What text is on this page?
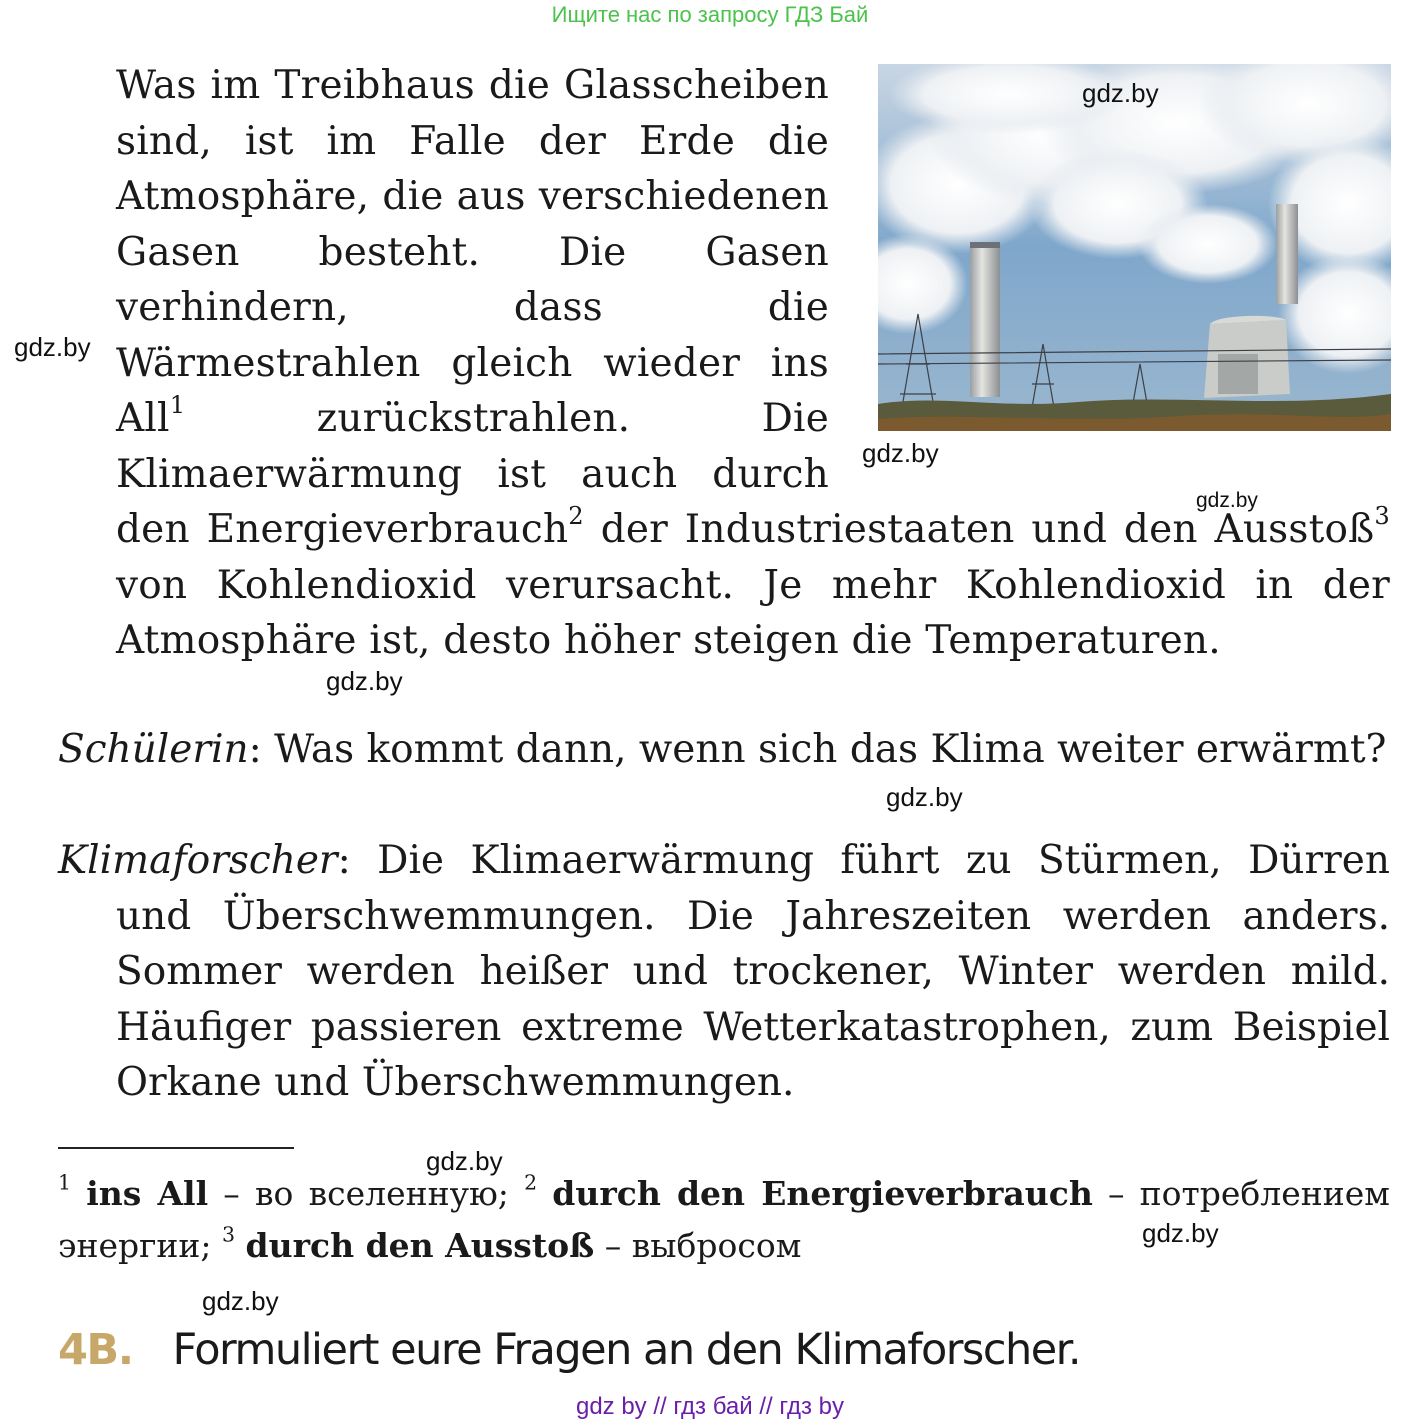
Ищите нас по запросу ГДЗ Бай
gdz.by
gdz.by
gdz.by
gdz.by

Was im Treibhaus die Glasscheiben sind, ist im Falle der Erde die Atmosphäre, die aus verschiedenen Gasen besteht. Die Gasen verhindern, dass die Wärmestrahlen gleich wieder ins All$^1$ zurückstrahlen. Die Klimaerwärmung ist auch durch den Energieverbrauch$^2$ der Industriestaaten und den Ausstoß$^3$ von Kohlendioxid verursacht. Je mehr Kohlendioxid in der Atmosphäre ist, desto höher steigen die Temperaturen.

gdz.by

Schülerin: Was kommt dann, wenn sich das Klima weiter erwärmt?

gdz.by

Klimaforscher: Die Klimaerwärmung führt zu Stürmen, Dürren und Überschwemmungen. Die Jahreszeiten werden anders. Sommer werden heißer und trockener, Winter werden mild. Häufiger passieren extreme Wetterkatastrophen, zum Beispiel Orkane und Überschwemmungen.

gdz.by

$^1$ ins All – во вселенную; $^2$ durch den Energieverbrauch – потреблением энергии; $^3$ durch den Ausstoß – выбросом	gdz.by
gdz.by
4B. Formuliert eure Fragen an den Klimaforscher.
gdz by // гдз бай // гдз by
